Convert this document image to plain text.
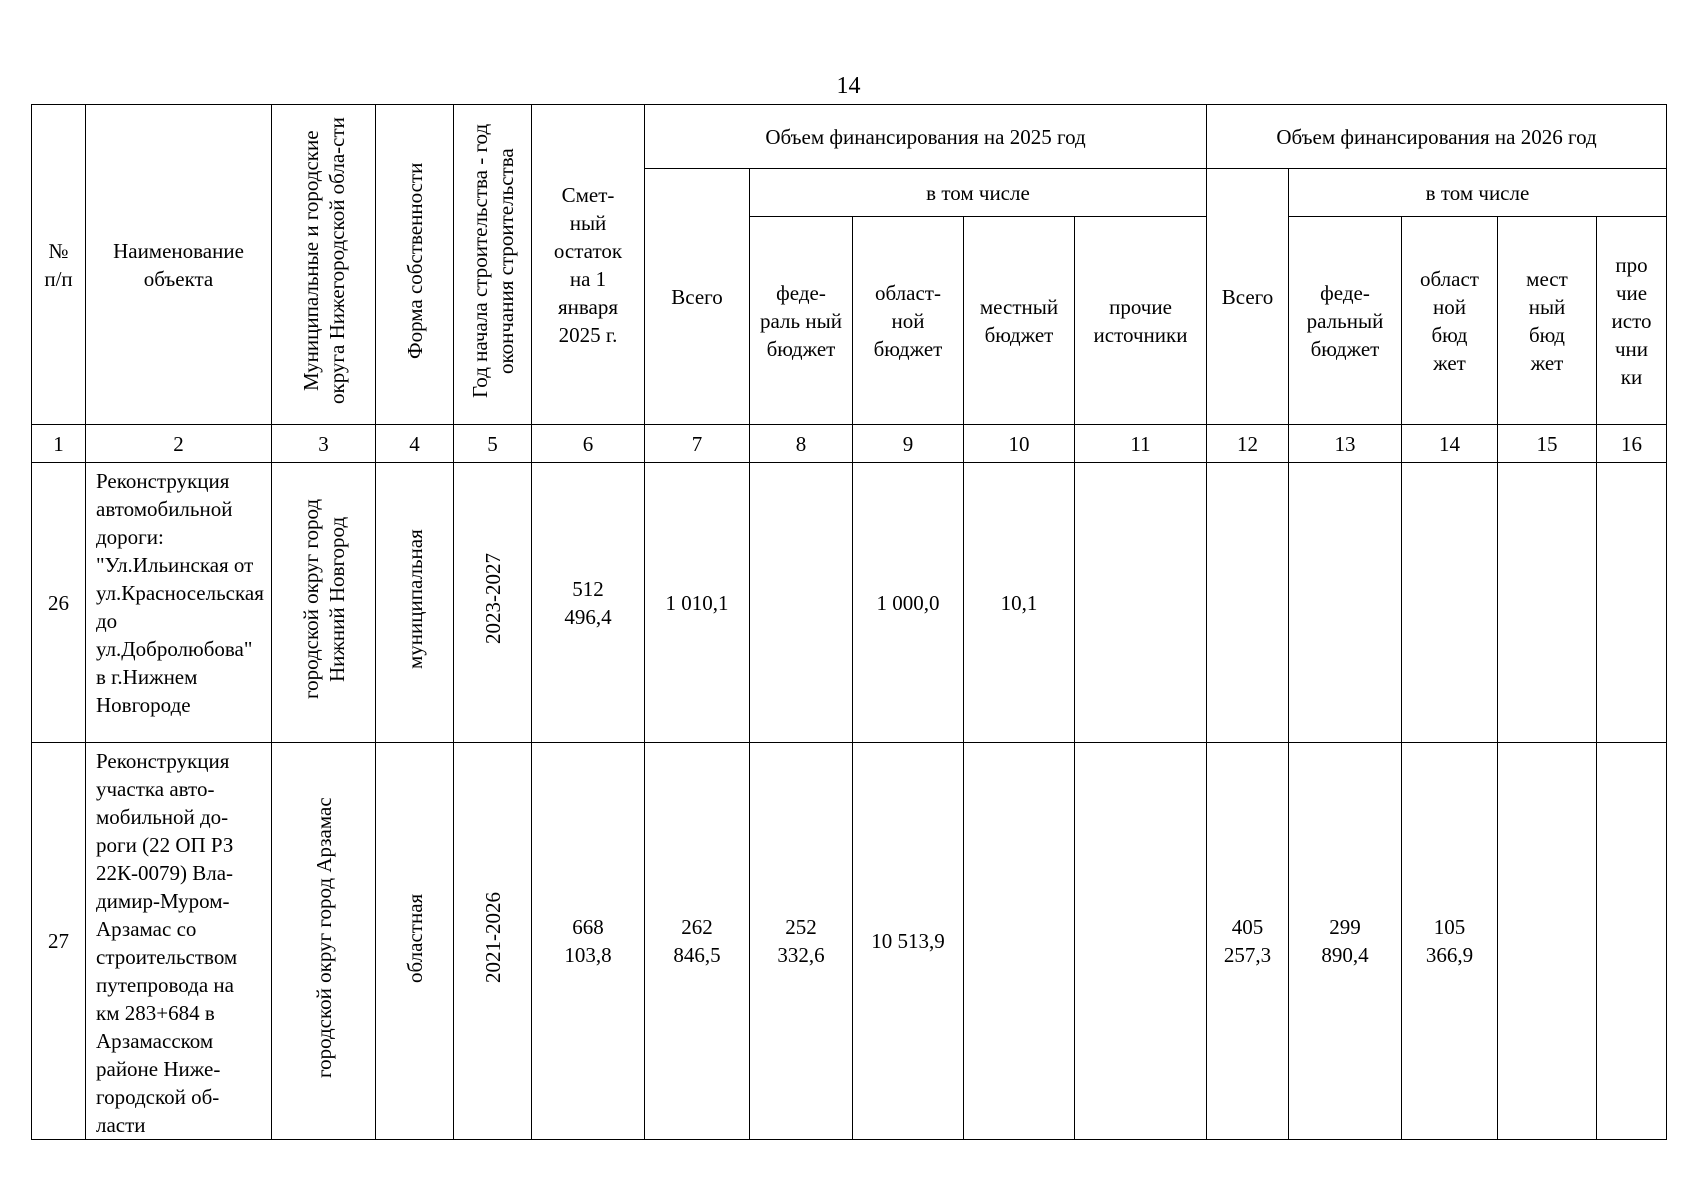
14
№ п/п	Наименование объекта	Муниципальные и городские округа Нижегородской обла-сти	Форма собственности	Год начала строительства - год окончания строительства	Смет-ный остаток на 1 января 2025 г.	Объем финансирования на 2025 год					Объем финансирования на 2026 год				
						Всего	в том числе				Всего	в том числе			
							феде-раль ный бюджет	област-ной бюджет	местный бюджет	прочие источники		феде-ральный бюджет	област ной бюд жет	мест ный бюд жет	про чие исто чни ки
1	2	3	4	5	6	7	8	9	10	11	12	13	14	15	16
26	Реконструкция автомобильной дороги: "Ул.Ильинская от ул.Красносельская до ул.Добролюбова" в г.Нижнем Новгороде	городской округ город Нижний Новгород	муниципальная	2023-2027	512 496,4	1 010,1		1 000,0	10,1						
27	Реконструкция участка авто-мобильной до-роги (22 ОП РЗ 22К-0079) Вла-димир-Муром-Арзамас со строительством путепровода на км 283+684 в Арзамасском районе Ниже-городской об-ласти	городской округ город Арзамас	областная	2021-2026	668 103,8	262 846,5	252 332,6	10 513,9			405 257,3	299 890,4	105 366,9		
